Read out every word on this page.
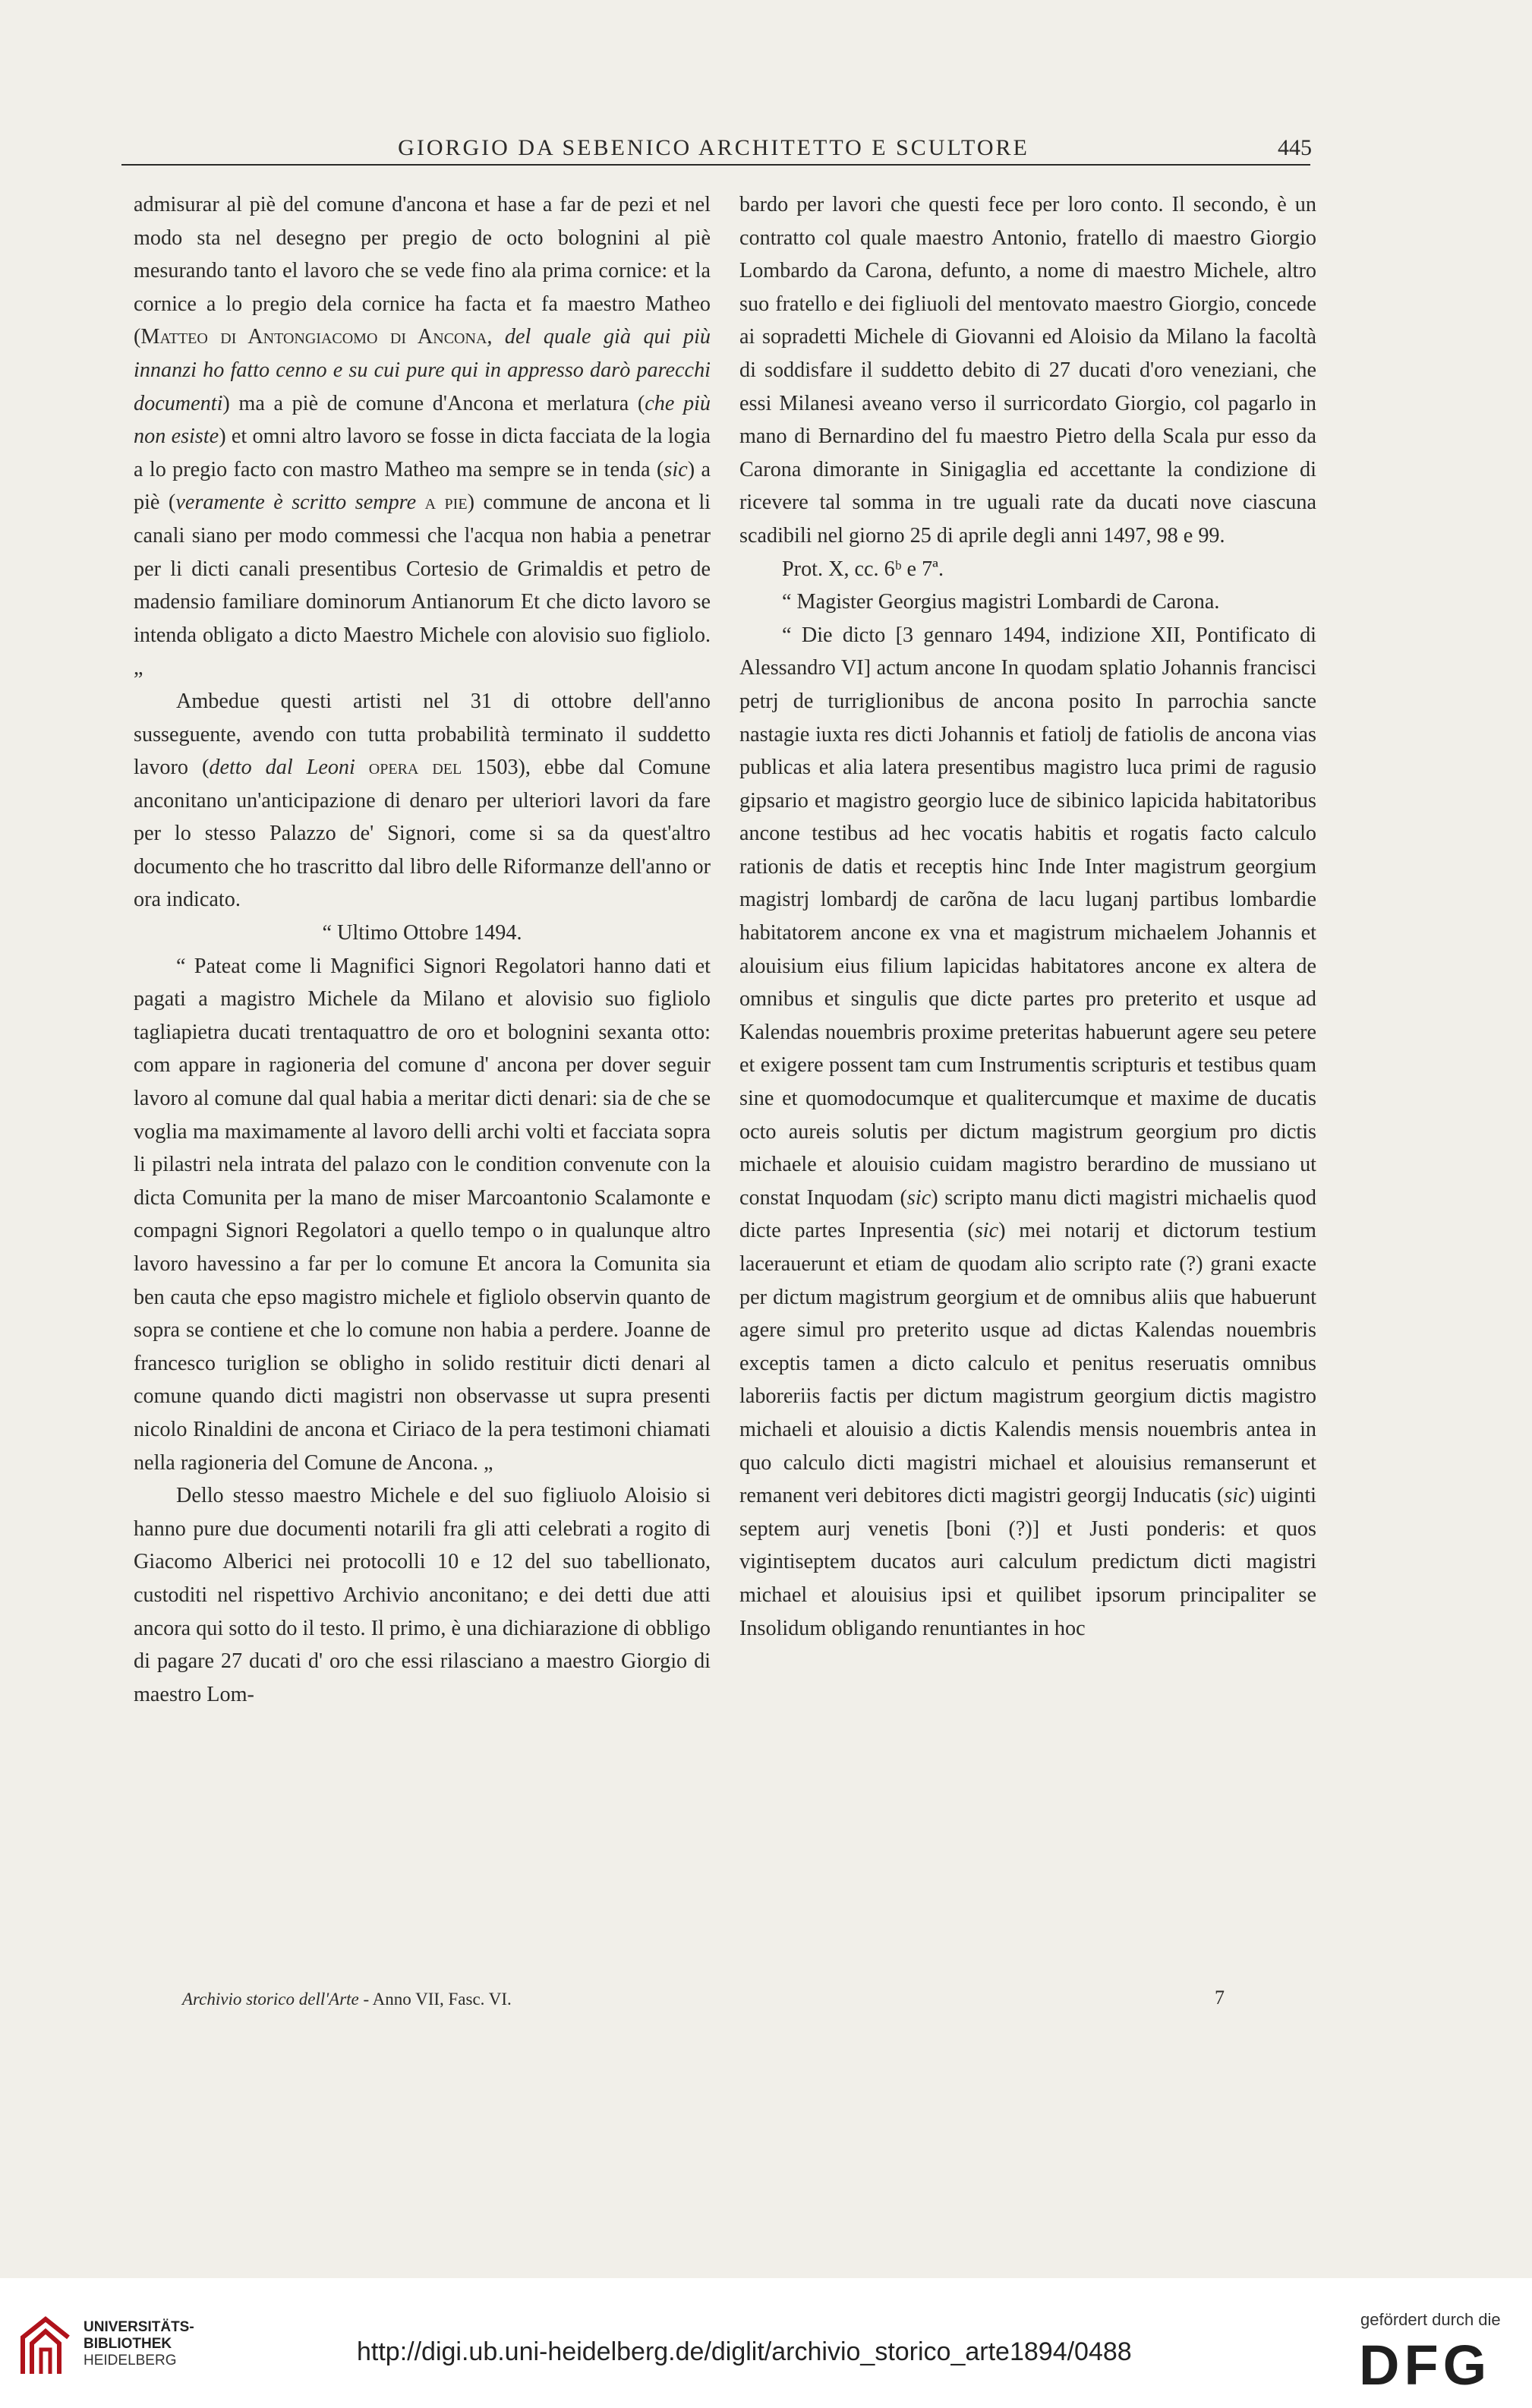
GIORGIO DA SEBENICO ARCHITETTO E SCULTORE	445

admisurar al piè del comune d'ancona et hase a far de pezi et nel modo sta nel desegno per pregio de octo bolognini al piè mesurando tanto el lavoro che se vede fino ala prima cornice: et la cornice a lo pregio dela cornice ha facta et fa maestro Matheo (Matteo di Antongiacomo di Ancona, del quale già qui più innanzi ho fatto cenno e su cui pure qui in appresso darò parecchi documenti) ma a piè de comune d'Ancona et merlatura (che più non esiste) et omni altro lavoro se fosse in dicta facciata de la logia a lo pregio facto con mastro Matheo ma sempre se in tenda (sic) a piè (veramente è scritto sempre a pie) commune de ancona et li canali siano per modo commessi che l'acqua non habia a penetrar per li dicti canali presentibus Cortesio de Grimaldis et petro de madensio familiare dominorum Antianorum Et che dicto lavoro se intenda obligato a dicto Maestro Michele con alovisio suo figliolo. „

Ambedue questi artisti nel 31 di ottobre dell'anno susseguente, avendo con tutta probabilità terminato il suddetto lavoro (detto dal Leoni opera del 1503), ebbe dal Comune anconitano un'anticipazione di denaro per ulteriori lavori da fare per lo stesso Palazzo de' Signori, come si sa da quest'altro documento che ho trascritto dal libro delle Riformanze dell'anno or ora indicato.

“ Ultimo Ottobre 1494.

“ Pateat come li Magnifici Signori Regolatori hanno dati et pagati a magistro Michele da Milano et alovisio suo figliolo tagliapietra ducati trentaquattro de oro et bolognini sexanta otto: com appare in ragioneria del comune d' ancona per dover seguir lavoro al comune dal qual habia a meritar dicti denari: sia de che se voglia ma maximamente al lavoro delli archi volti et facciata sopra li pilastri nela intrata del palazo con le condition convenute con la dicta Comunita per la mano de miser Marcoantonio Scalamonte e compagni Signori Regolatori a quello tempo o in qualunque altro lavoro havessino a far per lo comune Et ancora la Comunita sia ben cauta che epso magistro michele et figliolo observin quanto de sopra se contiene et che lo comune non habia a perdere. Joanne de francesco turiglion se obligho in solido restituir dicti denari al comune quando dicti magistri non observasse ut supra presenti nicolo Rinaldini de ancona et Ciriaco de la pera testimoni chiamati nella ragioneria del Comune de Ancona. „

Dello stesso maestro Michele e del suo figliuolo Aloisio si hanno pure due documenti notarili fra gli atti celebrati a rogito di Giacomo Alberici nei protocolli 10 e 12 del suo tabellionato, custoditi nel rispettivo Archivio anconitano; e dei detti due atti ancora qui sotto do il testo. Il primo, è una dichiarazione di obbligo di pagare 27 ducati d' oro che essi rilasciano a maestro Giorgio di maestro Lom-

bardo per lavori che questi fece per loro conto. Il secondo, è un contratto col quale maestro Antonio, fratello di maestro Giorgio Lombardo da Carona, defunto, a nome di maestro Michele, altro suo fratello e dei figliuoli del mentovato maestro Giorgio, concede ai sopradetti Michele di Giovanni ed Aloisio da Milano la facoltà di soddisfare il suddetto debito di 27 ducati d'oro veneziani, che essi Milanesi aveano verso il surricordato Giorgio, col pagarlo in mano di Bernardino del fu maestro Pietro della Scala pur esso da Carona dimorante in Sinigaglia ed accettante la condizione di ricevere tal somma in tre uguali rate da ducati nove ciascuna scadibili nel giorno 25 di aprile degli anni 1497, 98 e 99.

Prot. X, cc. 6ᵇ e 7ª.

“ Magister Georgius magistri Lombardi de Carona.

“ Die dicto [3 gennaro 1494, indizione XII, Pontificato di Alessandro VI] actum ancone In quodam splatio Johannis francisci petrj de turriglionibus de ancona posito In parrochia sancte nastagie iuxta res dicti Johannis et fatiolj de fatiolis de ancona vias publicas et alia latera presentibus magistro luca primi de ragusio gipsario et magistro georgio luce de sibinico lapicida habitatoribus ancone testibus ad hec vocatis habitis et rogatis facto calculo rationis de datis et receptis hinc Inde Inter magistrum georgium magistrj lombardj de carõna de lacu luganj partibus lombardie habitatorem ancone ex vna et magistrum michaelem Johannis et alouisium eius filium lapicidas habitatores ancone ex altera de omnibus et singulis que dicte partes pro preterito et usque ad Kalendas nouembris proxime preteritas habuerunt agere seu petere et exigere possent tam cum Instrumentis scripturis et testibus quam sine et quomodocumque et qualitercumque et maxime de ducatis octo aureis solutis per dictum magistrum georgium pro dictis michaele et alouisio cuidam magistro berardino de mussiano ut constat Inquodam (sic) scripto manu dicti magistri michaelis quod dicte partes Inpresentia (sic) mei notarij et dictorum testium lacerauerunt et etiam de quodam alio scripto rate (?) grani exacte per dictum magistrum georgium et de omnibus aliis que habuerunt agere simul pro preterito usque ad dictas Kalendas nouembris exceptis tamen a dicto calculo et penitus reseruatis omnibus laboreriis factis per dictum magistrum georgium dictis magistro michaeli et alouisio a dictis Kalendis mensis nouembris antea in quo calculo dicti magistri michael et alouisius remanserunt et remanent veri debitores dicti magistri georgij Inducatis (sic) uiginti septem aurj venetis [boni (?)] et Justi ponderis: et quos vigintiseptem ducatos auri calculum predictum dicti magistri michael et alouisius ipsi et quilibet ipsorum principaliter se Insolidum obligando renuntiantes in hoc

Archivio storico dell'Arte - Anno VII, Fasc. VI.	7
UNIVERSITÄTS-
BIBLIOTHEK
HEIDELBERG	http://digi.ub.uni-heidelberg.de/diglit/archivio_storico_arte1894/0488
gefördert durch die
DFG
